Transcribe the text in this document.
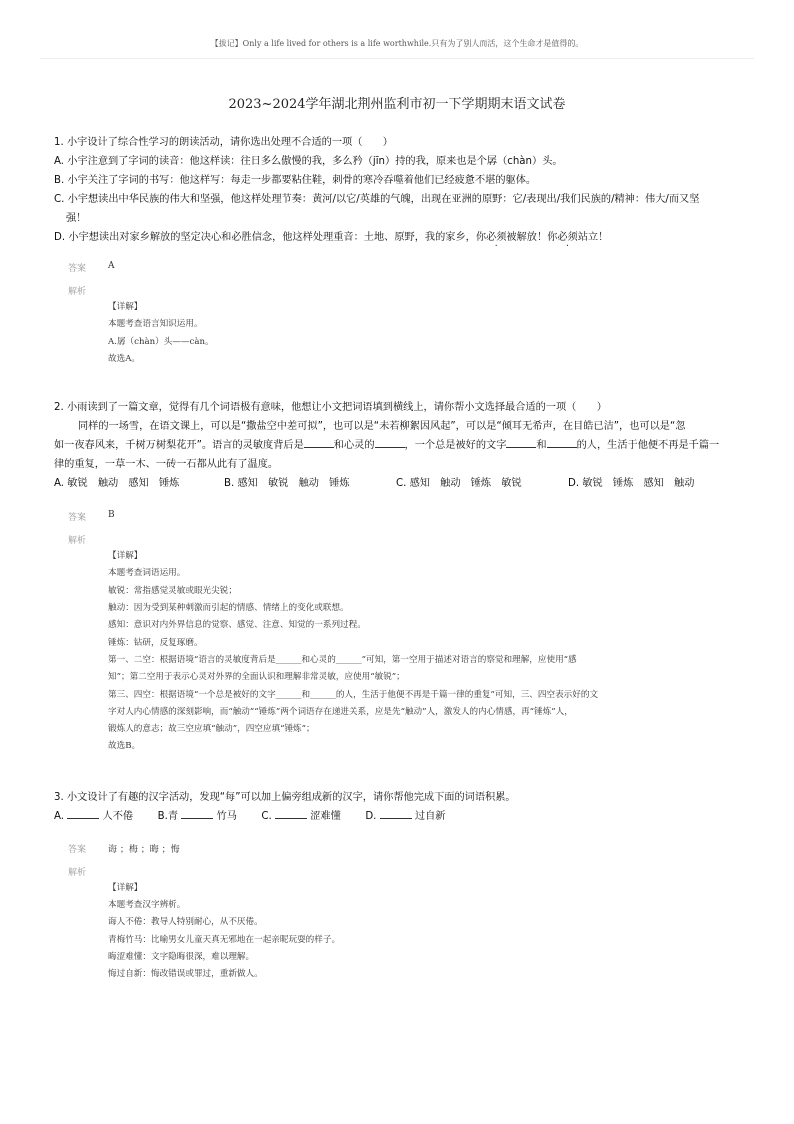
【拔记】Only a life lived for others is a life worthwhile.只有为了别人而活，这个生命才是值得的。
2023~2024学年湖北荆州监利市初一下学期期末语文试卷
1. 小宇设计了综合性学习的朗读活动，请你选出处理不合适的一项（　　）
A. 小宇注意到了字词的读音：他这样读：往日多么傲慢的我，多么矜（jīn）持的我，原来也是个孱（chàn）头。
B. 小宇关注了字词的书写：他这样写：每走一步都要粘住鞋，刺骨的寒冷吞噬着他们已经疲惫不堪的躯体。
C. 小宇想读出中华民族的伟大和坚强，他这样处理节奏：黄河/以它/英雄的气魄，出现在亚洲的原野：它/表现出/我们民族的/精神：伟大/而又坚
强！
D. 小宇想读出对家乡解放的坚定决心和必胜信念，他这样处理重音：土地、原野，我的家乡，你必须被解放！你必须站立！
答案	A
解析
【详解】
本题考查语言知识运用。
A.孱（chàn）头——càn。
故选A。
2. 小雨读到了一篇文章，觉得有几个词语极有意味，他想让小文把词语填到横线上，请你帮小文选择最合适的一项（　　）
同样的一场雪，在语文课上，可以是“撒盐空中差可拟”，也可以是“未若柳絮因风起”，可以是“倾耳无希声，在目皓已洁”，也可以是“忽
如一夜春风来，千树万树梨花开”。语言的灵敏度背后是	和心灵的	，一个总是被好的文字	和	的人，生活于他便不再是千篇一
律的重复，一草一木、一砖一石都从此有了温度。
A. 敏锐　触动　感知　锤炼	B. 感知　敏锐　触动　锤炼	C. 感知　触动　锤炼　敏锐	D. 敏锐　锤炼　感知　触动
答案	B
解析
【详解】
本题考查词语运用。
敏锐：常指感觉灵敏或眼光尖锐；
触动：因为受到某种刺激而引起的情感、情绪上的变化或联想。
感知：意识对内外界信息的觉察、感觉、注意、知觉的一系列过程。
锤炼：钻研，反复琢磨。
第一、二空：根据语境“语言的灵敏度背后是______和心灵的______”可知，第一空用于描述对语言的察觉和理解，应使用“感
知”；第二空用于表示心灵对外界的全面认识和理解非常灵敏，应使用“敏锐”；
第三、四空：根据语境“一个总是被好的文字______和______的人，生活于他便不再是千篇一律的重复”可知，三、四空表示好的文
字对人内心情感的深刻影响，而“触动”“锤炼”两个词语存在递进关系，应是先“触动”人，激发人的内心情感，再“锤炼”人，
锻炼人的意志；故三空应填“触动”，四空应填“锤炼”；
故选B。
3. 小文设计了有趣的汉字活动，发现“每”可以加上偏旁组成新的汉字，请你帮他完成下面的词语积累。
A.	人不倦 B.青	竹马 C.	涩难懂 D.	过自新
答案	诲 ；梅 ；晦 ；悔
解析
【详解】
本题考查汉字辨析。
诲人不倦：教导人特别耐心，从不厌倦。
青梅竹马：比喻男女儿童天真无邪地在一起亲昵玩耍的样子。
晦涩难懂：文字隐晦很深，难以理解。
悔过自新：悔改错误或罪过，重新做人。
